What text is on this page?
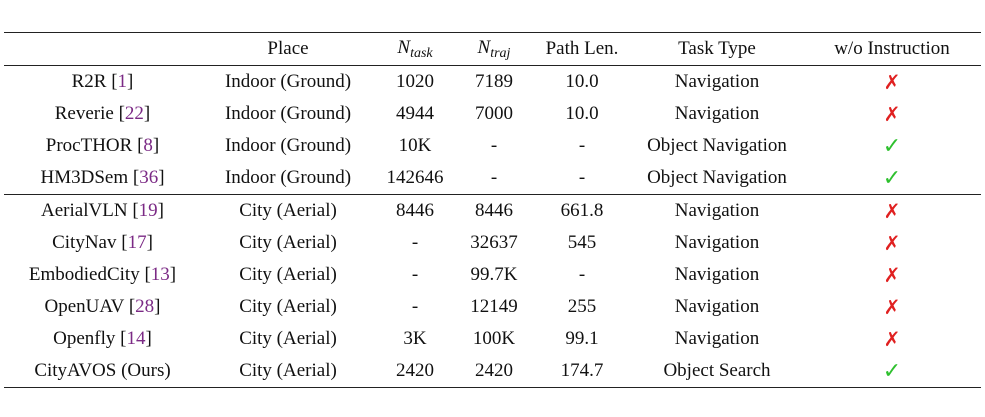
	Place	$N_{task}$	$N_{traj}$	Path Len.	Task Type	w/o Instruction
R2R [1]	Indoor (Ground)	1020	7189	10.0	Navigation	✗
Reverie [22]	Indoor (Ground)	4944	7000	10.0	Navigation	✗
ProcTHOR [8]	Indoor (Ground)	10K	-	-	Object Navigation	✓
HM3DSem [36]	Indoor (Ground)	142646	-	-	Object Navigation	✓
AerialVLN [19]	City (Aerial)	8446	8446	661.8	Navigation	✗
CityNav [17]	City (Aerial)	-	32637	545	Navigation	✗
EmbodiedCity [13]	City (Aerial)	-	99.7K	-	Navigation	✗
OpenUAV [28]	City (Aerial)	-	12149	255	Navigation	✗
Openfly [14]	City (Aerial)	3K	100K	99.1	Navigation	✗
CityAVOS (Ours)	City (Aerial)	2420	2420	174.7	Object Search	✓
